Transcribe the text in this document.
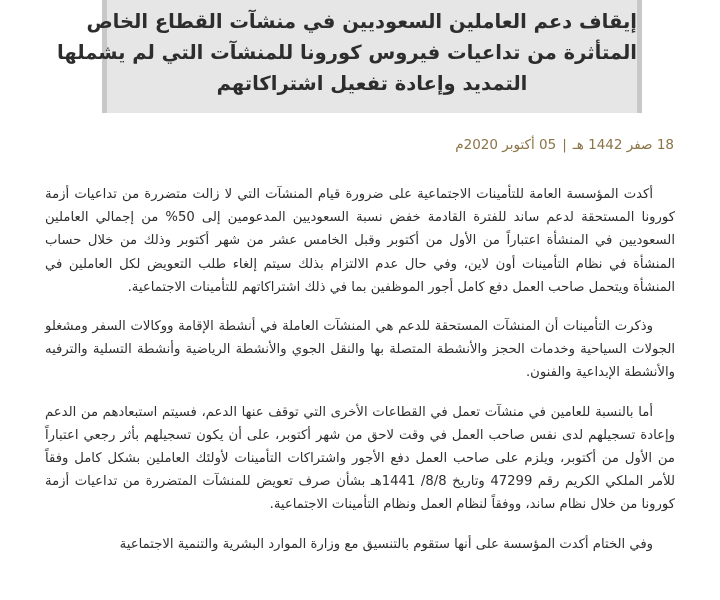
إيقاف دعم العاملين السعوديين في منشآت القطاع الخاص
المتأثرة من تداعيات فيروس كورونا للمنشآت التي لم يشملها
التمديد وإعادة تفعيل اشتراكاتهم
18 صفر 1442 هـ|05 أكتوبر 2020م

أكدت المؤسسة العامة للتأمينات الاجتماعية على ضرورة قيام المنشآت التي لا زالت متضررة من تداعيات أزمة كورونا المستحقة لدعم ساند للفترة القادمة خفض نسبة السعوديين المدعومين إلى 50% من إجمالي العاملين السعوديين في المنشأة اعتباراً من الأول من أكتوبر وقبل الخامس عشر من شهر أكتوبر وذلك من خلال حساب المنشأة في نظام التأمينات أون لاين، وفي حال عدم الالتزام بذلك سيتم إلغاء طلب التعويض لكل العاملين في المنشأة ويتحمل صاحب العمل دفع كامل أجور الموظفين بما في ذلك اشتراكاتهم للتأمينات الاجتماعية.

وذكرت التأمينات أن المنشآت المستحقة للدعم هي المنشآت العاملة في أنشطة الإقامة ووكالات السفر ومشغلو الجولات السياحية وخدمات الحجز والأنشطة المتصلة بها والنقل الجوي والأنشطة الرياضية وأنشطة التسلية والترفيه والأنشطة الإبداعية والفنون.

أما بالنسبة للعامين في منشآت تعمل في القطاعات الأخرى التي توقف عنها الدعم، فسيتم استبعادهم من الدعم وإعادة تسجيلهم لدى نفس صاحب العمل في وقت لاحق من شهر أكتوبر، على أن يكون تسجيلهم بأثر رجعي اعتباراً من الأول من أكتوبر، ويلزم على صاحب العمل دفع الأجور واشتراكات التأمينات لأولئك العاملين بشكل كامل وفقاً للأمر الملكي الكريم رقم 47299 وتاريخ 8/8/ 1441هـ بشأن صرف تعويض للمنشآت المتضررة من تداعيات أزمة كورونا من خلال نظام ساند، ووفقاً لنظام العمل ونظام التأمينات الاجتماعية.

وفي الختام أكدت المؤسسة على أنها ستقوم بالتنسيق مع وزارة الموارد البشرية والتنمية الاجتماعية
